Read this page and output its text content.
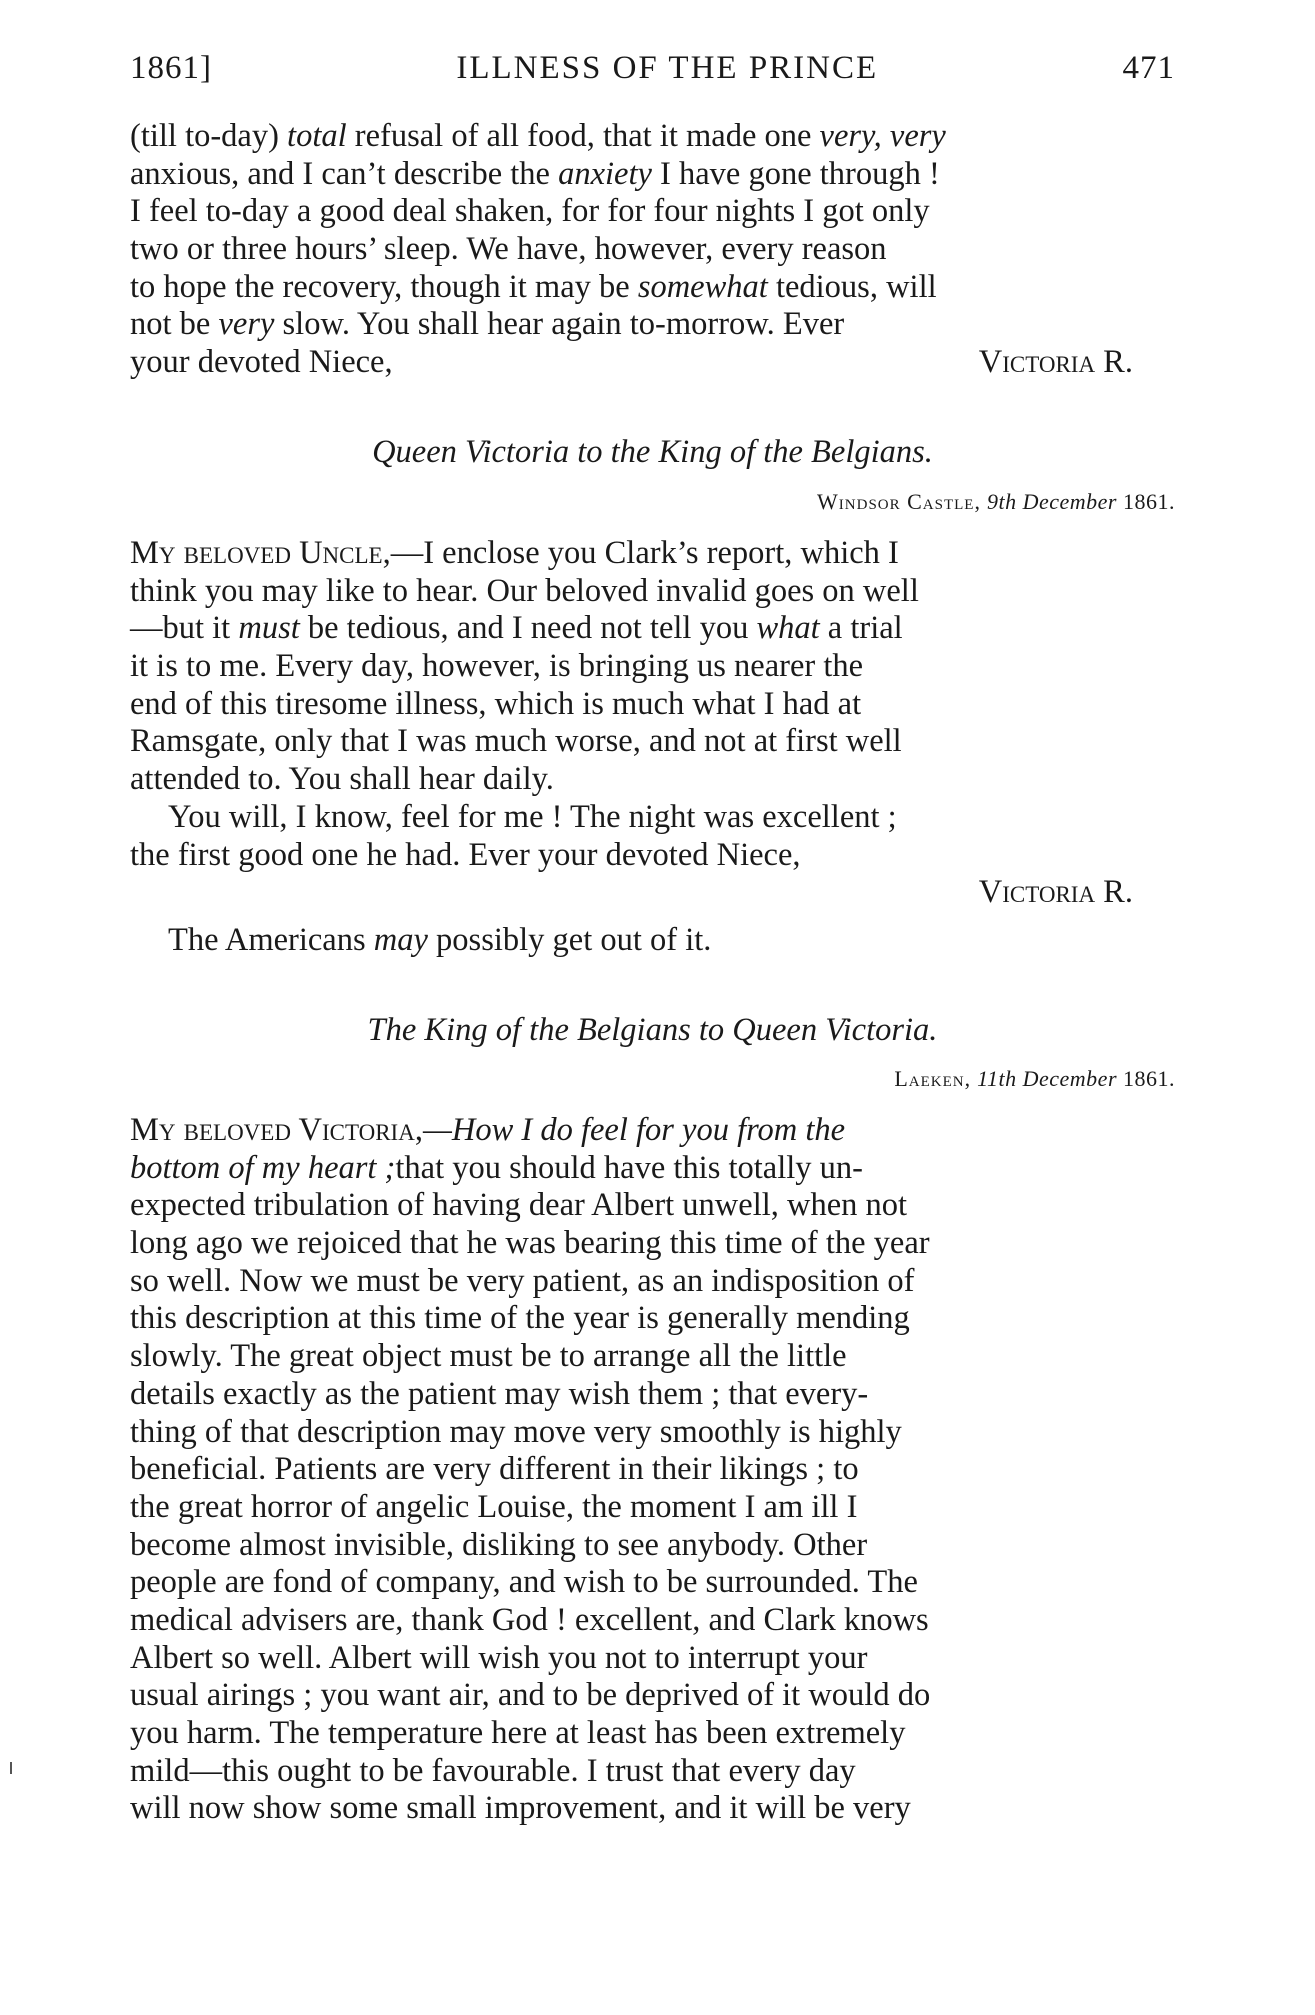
1861]	ILLNESS OF THE PRINCE	471
(till to-day)
total
refusal of all food, that it made one
very, very
anxious, and I can’t describe the
anxiety
I have gone through !
I feel to-day a good deal shaken, for for four nights I got only
two or three hours’ sleep. We have, however, every reason
to hope the recovery, though it may be
somewhat
tedious, will
not be
very
slow. You shall hear again to-morrow. Ever
your devoted Niece,	Victoria R.
Queen Victoria to the King of the Belgians.
Windsor Castle, 9th December 1861.
My beloved Uncle, —I enclose you Clark’s report, which I
think you may like to hear. Our beloved invalid goes on well
—but it
must
be tedious, and I need not tell you
what
a trial
it is to me. Every day, however, is bringing us nearer the
end of this tiresome illness, which is much what I had at
Ramsgate, only that I was much worse, and not at first well
attended to. You shall hear daily.
You will, I know, feel for me ! The night was excellent ;
the first good one he had. Ever your devoted Niece,
Victoria R.
The Americans
may
possibly get out of it.
The King of the Belgians to Queen Victoria.
Laeken, 11th December 1861.
My beloved Victoria, —How I do feel for you from the
bottom of my heart ; that you should have this totally un-
expected tribulation of having dear Albert unwell, when not
long ago we rejoiced that he was bearing this time of the year
so well. Now we must be very patient, as an indisposition of
this description at this time of the year is generally mending
slowly. The great object must be to arrange all the little
details exactly as the patient may wish them ; that every-
thing of that description may move very smoothly is highly
beneficial. Patients are very different in their likings ; to
the great horror of angelic Louise, the moment I am ill I
become almost invisible, disliking to see anybody. Other
people are fond of company, and wish to be surrounded. The
medical advisers are, thank God ! excellent, and Clark knows
Albert so well. Albert will wish you not to interrupt your
usual airings ; you want air, and to be deprived of it would do
you harm. The temperature here at least has been extremely
mild—this ought to be favourable. I trust that every day
will now show some small improvement, and it will be very
